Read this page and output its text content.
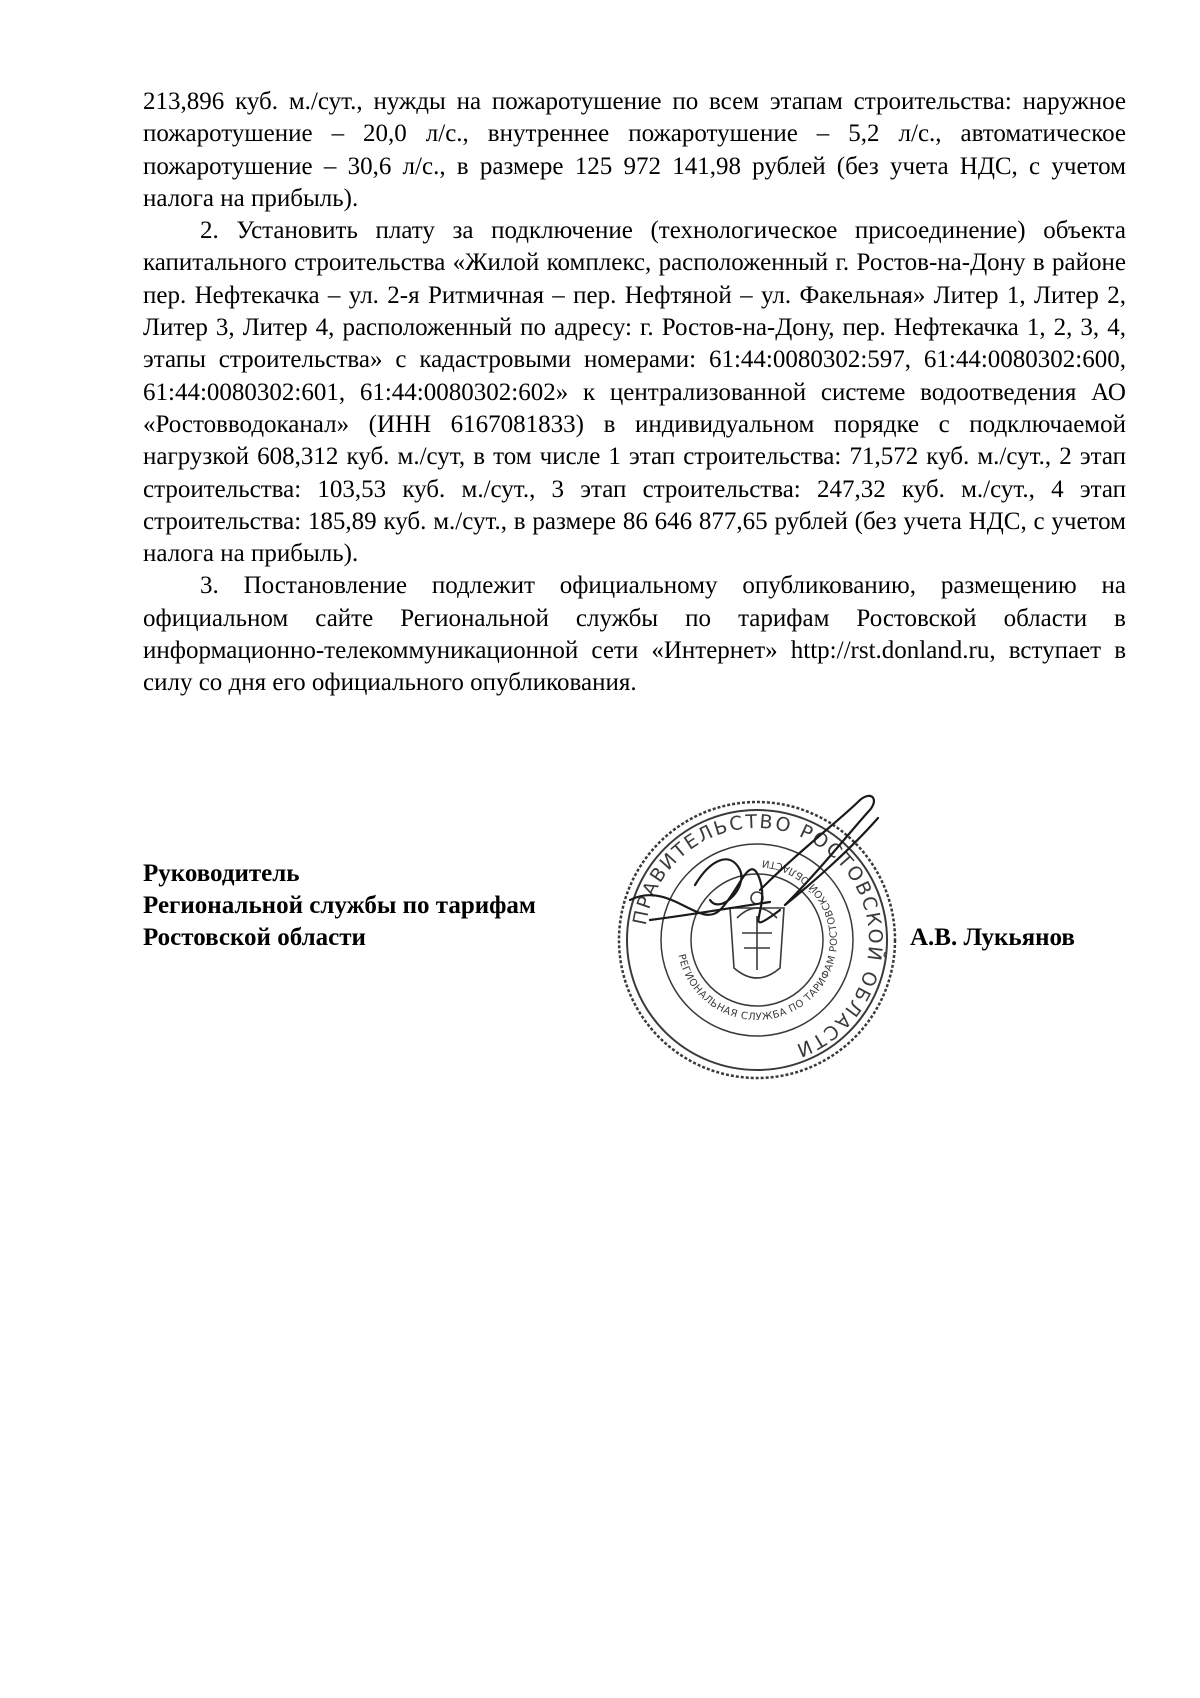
213,896 куб. м./сут., нужды на пожаротушение по всем этапам строительства: наружное пожаротушение – 20,0 л/с., внутреннее пожаротушение – 5,2 л/с., автоматическое пожаротушение – 30,6 л/с., в размере 125 972 141,98 рублей (без учета НДС, с учетом налога на прибыль).

2. Установить плату за подключение (технологическое присоединение) объекта капитального строительства «Жилой комплекс, расположенный г. Ростов-на-Дону в районе пер. Нефтекачка – ул. 2-я Ритмичная – пер. Нефтяной – ул. Факельная» Литер 1, Литер 2, Литер 3, Литер 4, расположенный по адресу: г. Ростов-на-Дону, пер. Нефтекачка 1, 2, 3, 4, этапы строительства» с кадастровыми номерами: 61:44:0080302:597, 61:44:0080302:600, 61:44:0080302:601, 61:44:0080302:602» к централизованной системе водоотведения АО «Ростовводоканал» (ИНН 6167081833) в индивидуальном порядке с подключаемой нагрузкой 608,312 куб. м./сут, в том числе 1 этап строительства: 71,572 куб. м./сут., 2 этап строительства: 103,53 куб. м./сут., 3 этап строительства: 247,32 куб. м./сут., 4 этап строительства: 185,89 куб. м./сут., в размере 86 646 877,65 рублей (без учета НДС, с учетом налога на прибыль).

3. Постановление подлежит официальному опубликованию, размещению на официальном сайте Региональной службы по тарифам Ростовской области в информационно-телекоммуникационной сети «Интернет» http://rst.donland.ru, вступает в силу со дня его официального опубликования.

Руководитель
Региональной службы по тарифам
Ростовской области	А.В. Лукьянов
ПРАВИТЕЛЬСТВО РОСТОВСКОЙ ОБЛАСТИ
РЕГИОНАЛЬНАЯ СЛУЖБА ПО ТАРИФАМ РОСТОВСКОЙ ОБЛАСТИ
